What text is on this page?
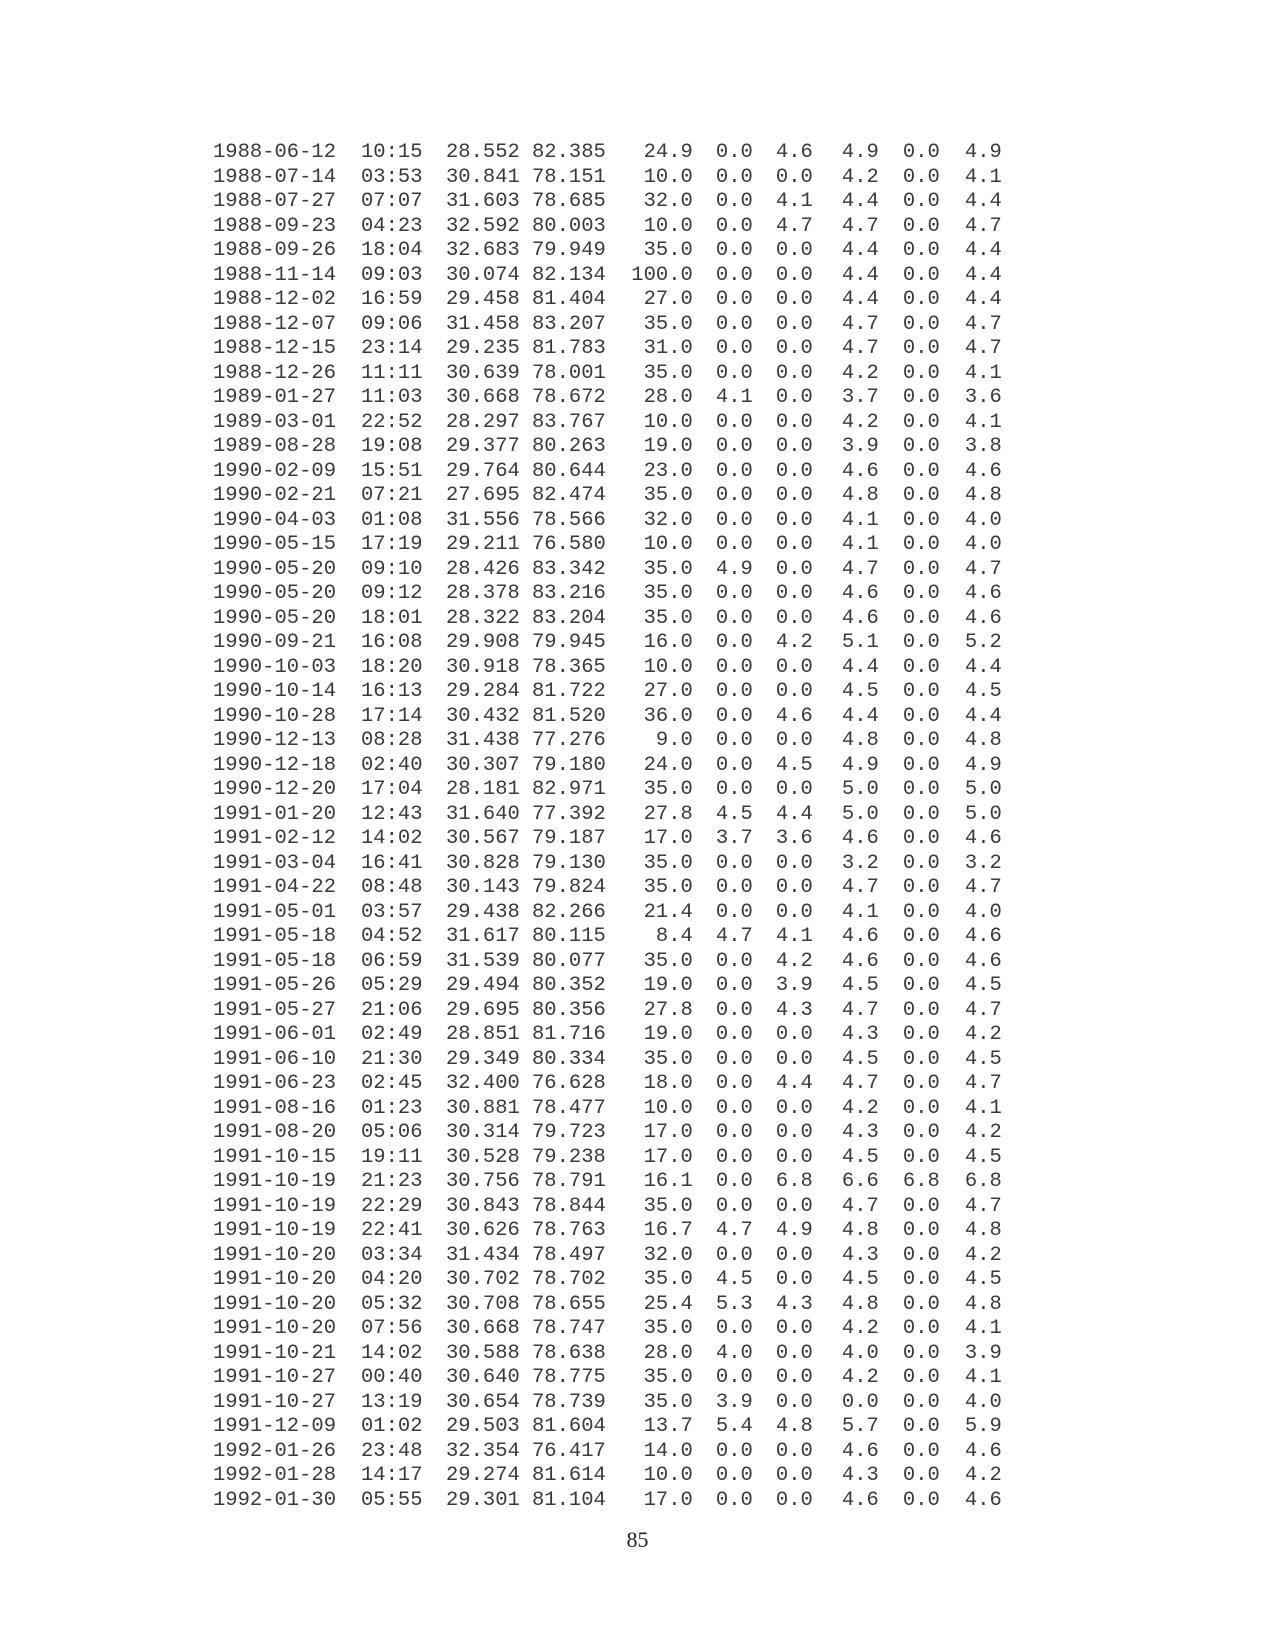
1988-06-12	10:15	28.552	82.385	24.9	0.0	4.6	4.9	0.0	4.9
1988-07-14	03:53	30.841	78.151	10.0	0.0	0.0	4.2	0.0	4.1
1988-07-27	07:07	31.603	78.685	32.0	0.0	4.1	4.4	0.0	4.4
1988-09-23	04:23	32.592	80.003	10.0	0.0	4.7	4.7	0.0	4.7
1988-09-26	18:04	32.683	79.949	35.0	0.0	0.0	4.4	0.0	4.4
1988-11-14	09:03	30.074	82.134	100.0	0.0	0.0	4.4	0.0	4.4
1988-12-02	16:59	29.458	81.404	27.0	0.0	0.0	4.4	0.0	4.4
1988-12-07	09:06	31.458	83.207	35.0	0.0	0.0	4.7	0.0	4.7
1988-12-15	23:14	29.235	81.783	31.0	0.0	0.0	4.7	0.0	4.7
1988-12-26	11:11	30.639	78.001	35.0	0.0	0.0	4.2	0.0	4.1
1989-01-27	11:03	30.668	78.672	28.0	4.1	0.0	3.7	0.0	3.6
1989-03-01	22:52	28.297	83.767	10.0	0.0	0.0	4.2	0.0	4.1
1989-08-28	19:08	29.377	80.263	19.0	0.0	0.0	3.9	0.0	3.8
1990-02-09	15:51	29.764	80.644	23.0	0.0	0.0	4.6	0.0	4.6
1990-02-21	07:21	27.695	82.474	35.0	0.0	0.0	4.8	0.0	4.8
1990-04-03	01:08	31.556	78.566	32.0	0.0	0.0	4.1	0.0	4.0
1990-05-15	17:19	29.211	76.580	10.0	0.0	0.0	4.1	0.0	4.0
1990-05-20	09:10	28.426	83.342	35.0	4.9	0.0	4.7	0.0	4.7
1990-05-20	09:12	28.378	83.216	35.0	0.0	0.0	4.6	0.0	4.6
1990-05-20	18:01	28.322	83.204	35.0	0.0	0.0	4.6	0.0	4.6
1990-09-21	16:08	29.908	79.945	16.0	0.0	4.2	5.1	0.0	5.2
1990-10-03	18:20	30.918	78.365	10.0	0.0	0.0	4.4	0.0	4.4
1990-10-14	16:13	29.284	81.722	27.0	0.0	0.0	4.5	0.0	4.5
1990-10-28	17:14	30.432	81.520	36.0	0.0	4.6	4.4	0.0	4.4
1990-12-13	08:28	31.438	77.276	9.0	0.0	0.0	4.8	0.0	4.8
1990-12-18	02:40	30.307	79.180	24.0	0.0	4.5	4.9	0.0	4.9
1990-12-20	17:04	28.181	82.971	35.0	0.0	0.0	5.0	0.0	5.0
1991-01-20	12:43	31.640	77.392	27.8	4.5	4.4	5.0	0.0	5.0
1991-02-12	14:02	30.567	79.187	17.0	3.7	3.6	4.6	0.0	4.6
1991-03-04	16:41	30.828	79.130	35.0	0.0	0.0	3.2	0.0	3.2
1991-04-22	08:48	30.143	79.824	35.0	0.0	0.0	4.7	0.0	4.7
1991-05-01	03:57	29.438	82.266	21.4	0.0	0.0	4.1	0.0	4.0
1991-05-18	04:52	31.617	80.115	8.4	4.7	4.1	4.6	0.0	4.6
1991-05-18	06:59	31.539	80.077	35.0	0.0	4.2	4.6	0.0	4.6
1991-05-26	05:29	29.494	80.352	19.0	0.0	3.9	4.5	0.0	4.5
1991-05-27	21:06	29.695	80.356	27.8	0.0	4.3	4.7	0.0	4.7
1991-06-01	02:49	28.851	81.716	19.0	0.0	0.0	4.3	0.0	4.2
1991-06-10	21:30	29.349	80.334	35.0	0.0	0.0	4.5	0.0	4.5
1991-06-23	02:45	32.400	76.628	18.0	0.0	4.4	4.7	0.0	4.7
1991-08-16	01:23	30.881	78.477	10.0	0.0	0.0	4.2	0.0	4.1
1991-08-20	05:06	30.314	79.723	17.0	0.0	0.0	4.3	0.0	4.2
1991-10-15	19:11	30.528	79.238	17.0	0.0	0.0	4.5	0.0	4.5
1991-10-19	21:23	30.756	78.791	16.1	0.0	6.8	6.6	6.8	6.8
1991-10-19	22:29	30.843	78.844	35.0	0.0	0.0	4.7	0.0	4.7
1991-10-19	22:41	30.626	78.763	16.7	4.7	4.9	4.8	0.0	4.8
1991-10-20	03:34	31.434	78.497	32.0	0.0	0.0	4.3	0.0	4.2
1991-10-20	04:20	30.702	78.702	35.0	4.5	0.0	4.5	0.0	4.5
1991-10-20	05:32	30.708	78.655	25.4	5.3	4.3	4.8	0.0	4.8
1991-10-20	07:56	30.668	78.747	35.0	0.0	0.0	4.2	0.0	4.1
1991-10-21	14:02	30.588	78.638	28.0	4.0	0.0	4.0	0.0	3.9
1991-10-27	00:40	30.640	78.775	35.0	0.0	0.0	4.2	0.0	4.1
1991-10-27	13:19	30.654	78.739	35.0	3.9	0.0	0.0	0.0	4.0
1991-12-09	01:02	29.503	81.604	13.7	5.4	4.8	5.7	0.0	5.9
1992-01-26	23:48	32.354	76.417	14.0	0.0	0.0	4.6	0.0	4.6
1992-01-28	14:17	29.274	81.614	10.0	0.0	0.0	4.3	0.0	4.2
1992-01-30	05:55	29.301	81.104	17.0	0.0	0.0	4.6	0.0	4.6
85
